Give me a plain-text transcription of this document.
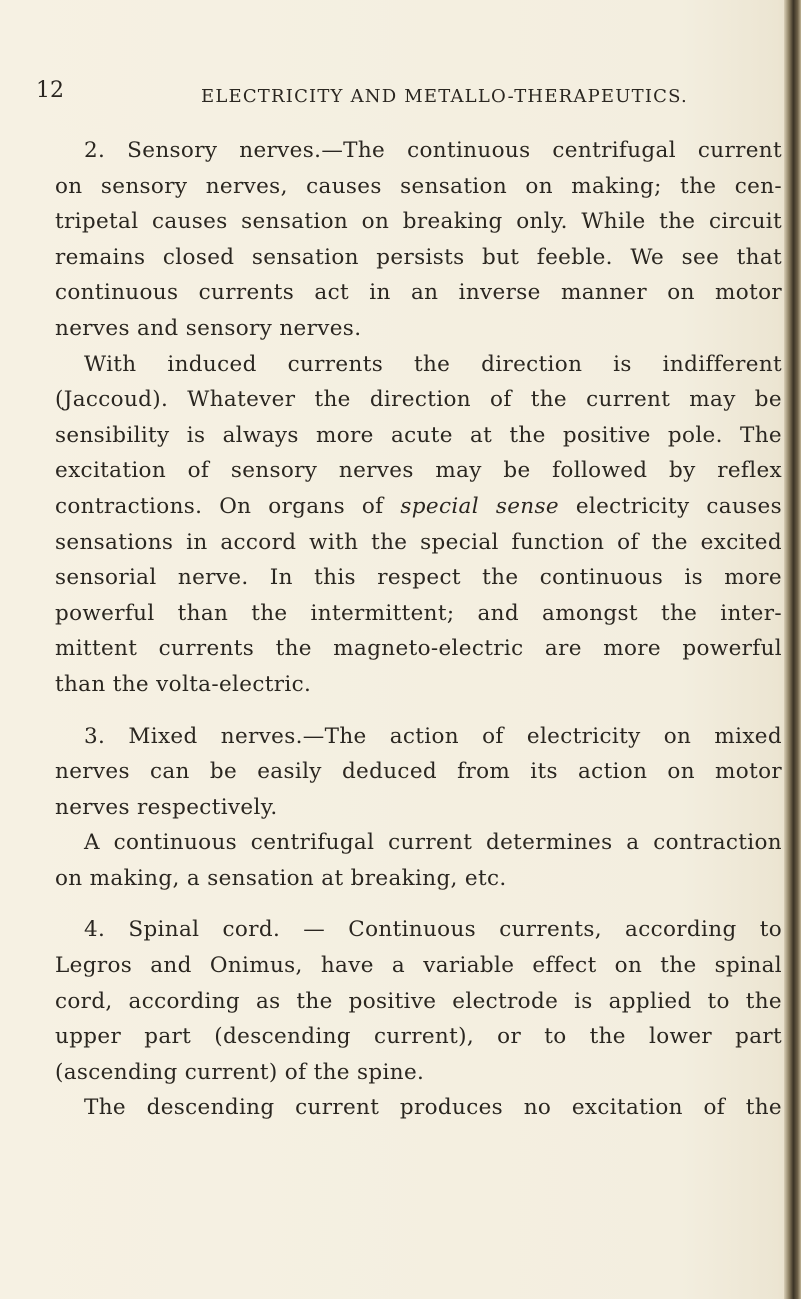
12	ELECTRICITY AND METALLO-THERAPEUTICS.
2. Sensory nerves.—The continuous centrifugal current
on sensory nerves, causes sensation on making; the cen-
tripetal causes sensation on breaking only. While the circuit
remains closed sensation persists but feeble. We see that
continuous currents act in an inverse manner on motor
nerves and sensory nerves.
With induced currents the direction is indifferent
(Jaccoud). Whatever the direction of the current may be
sensibility is always more acute at the positive pole. The
excitation of sensory nerves may be followed by reflex
contractions. On organs of special sense electricity causes
sensations in accord with the special function of the excited
sensorial nerve. In this respect the continuous is more
powerful than the intermittent; and amongst the inter-
mittent currents the magneto-electric are more powerful
than the volta-electric.
3. Mixed nerves.—The action of electricity on mixed
nerves can be easily deduced from its action on motor
nerves respectively.
A continuous centrifugal current determines a contraction
on making, a sensation at breaking, etc.
4. Spinal cord. — Continuous currents, according to
Legros and Onimus, have a variable effect on the spinal
cord, according as the positive electrode is applied to the
upper part (descending current), or to the lower part
(ascending current) of the spine.
The descending current produces no excitation of the
